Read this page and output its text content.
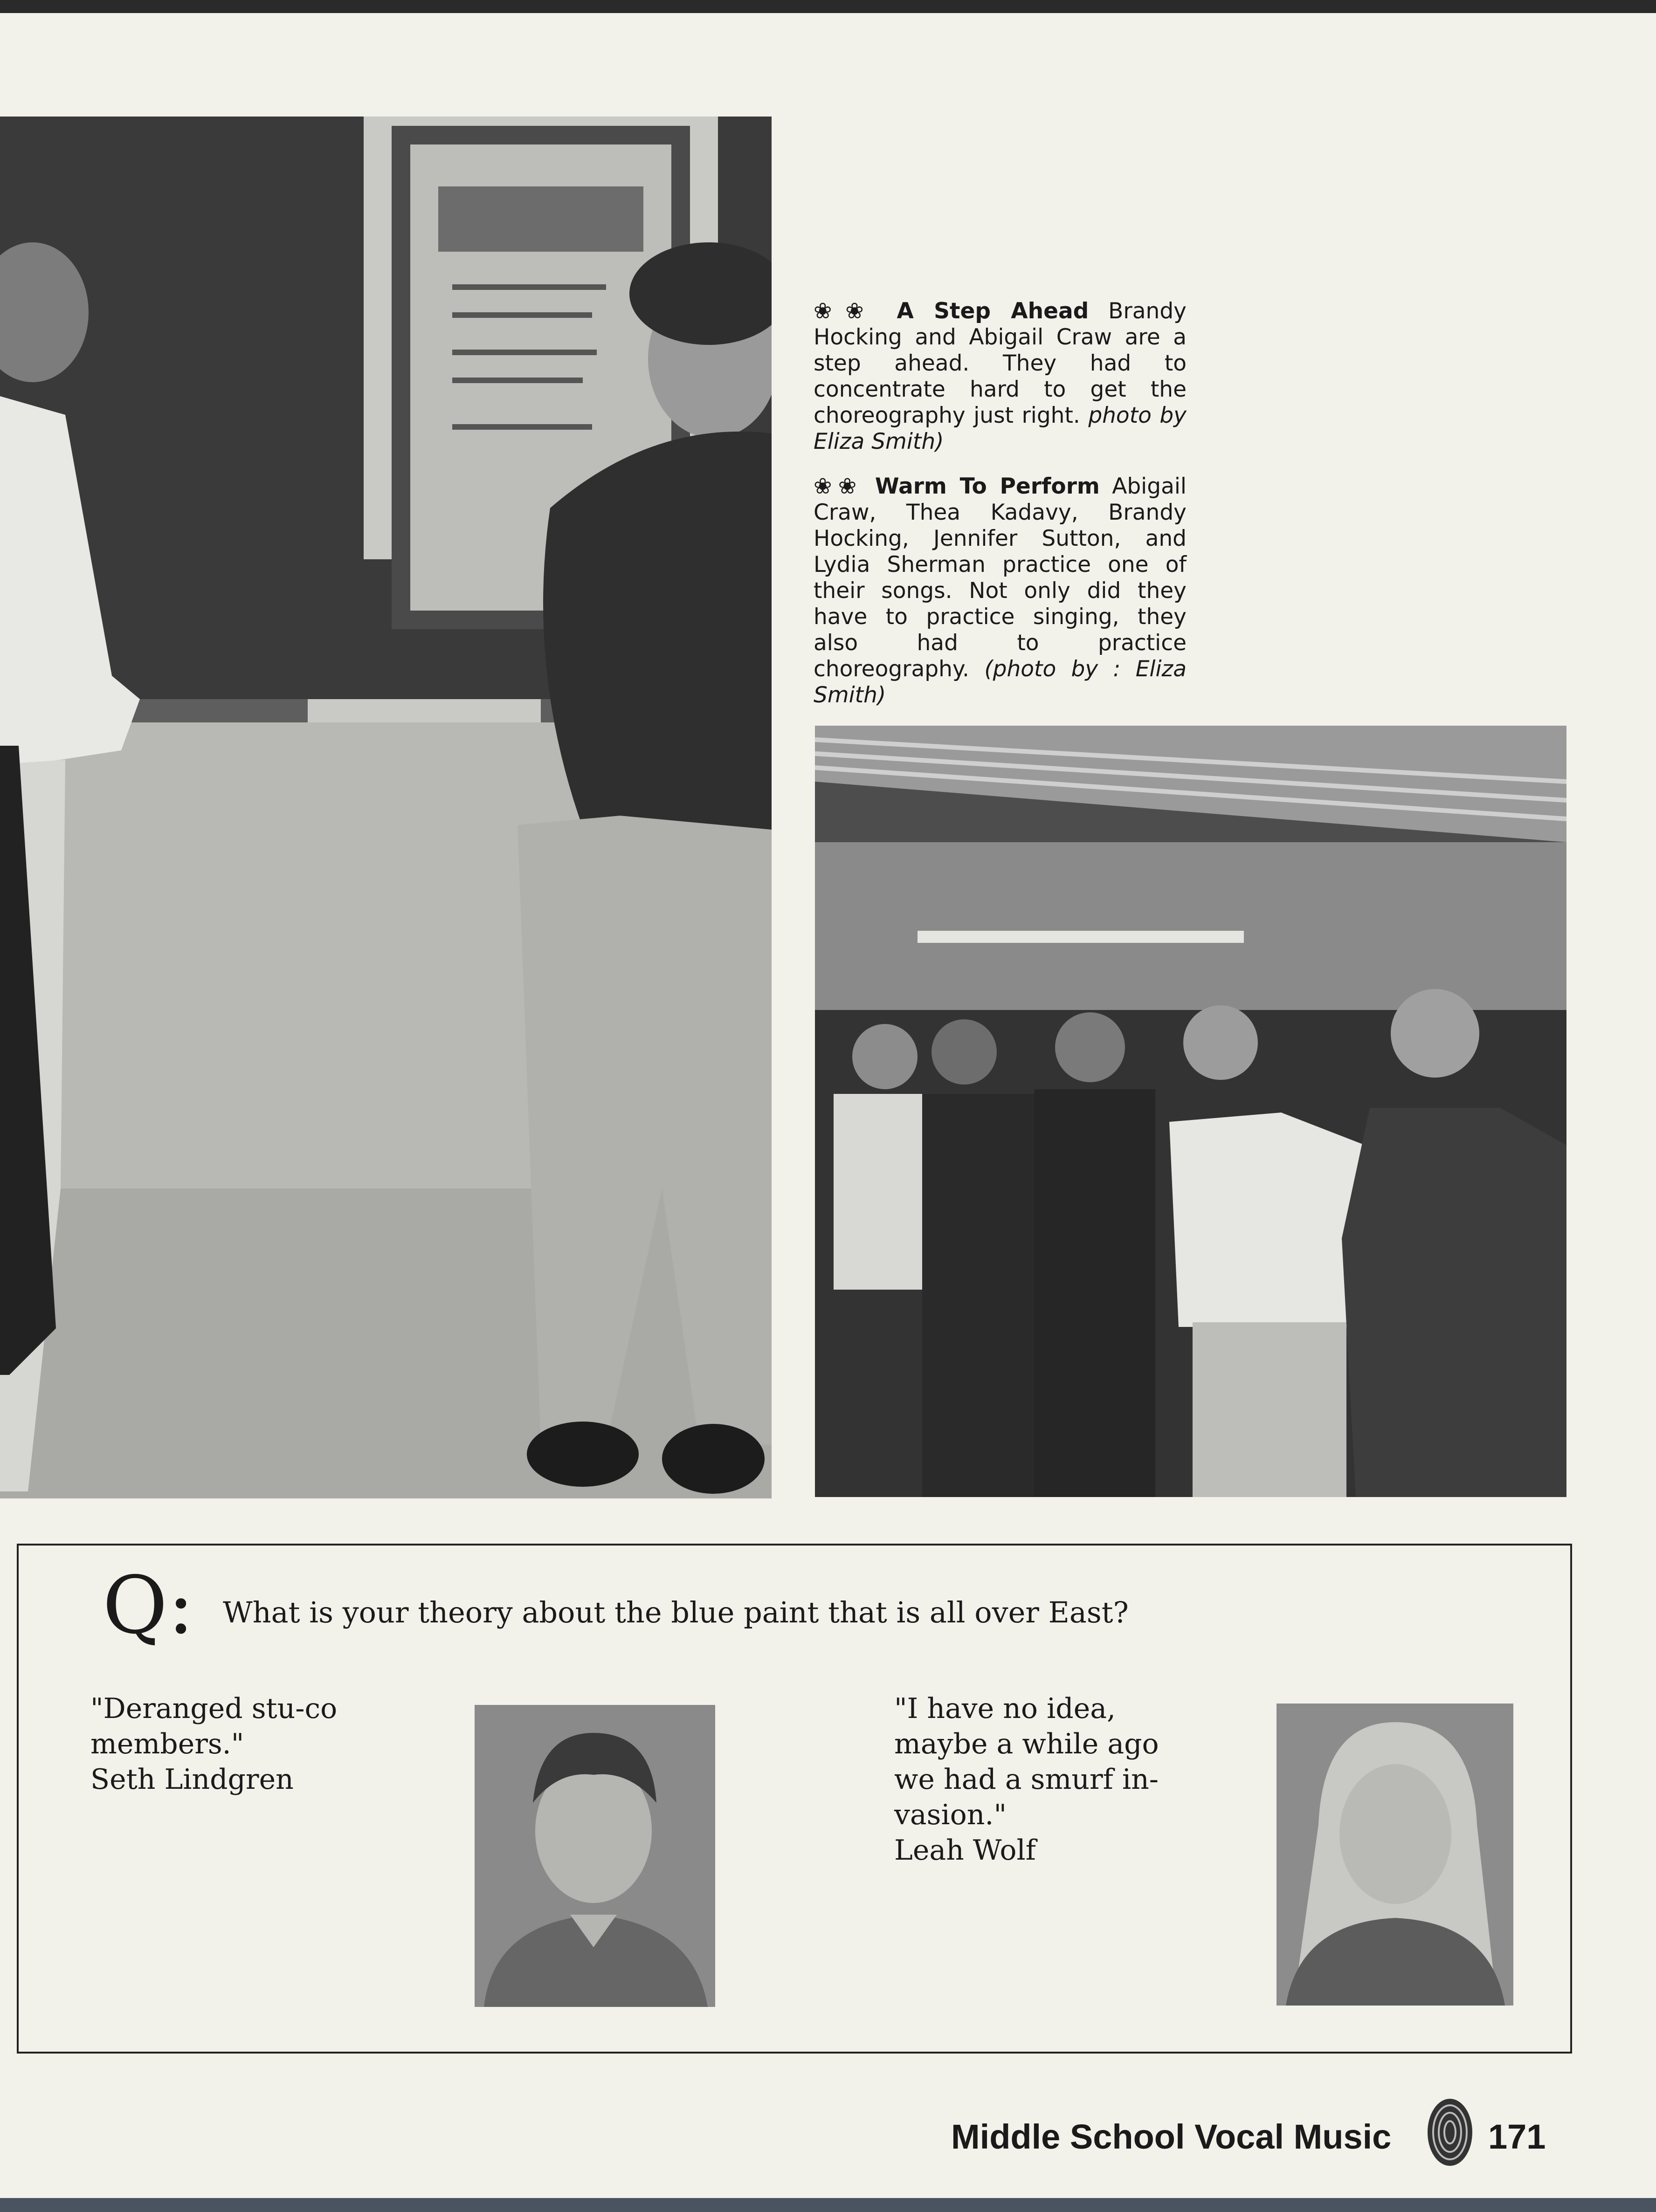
❀❀ A Step Ahead Brandy Hocking and Abigail Craw are a step ahead. They had to concentrate hard to get the choreography just right. photo by Eliza Smith)

❀❀ Warm To Perform Abigail Craw, Thea Kadavy, Brandy Hocking, Jennifer Sutton, and Lydia Sherman practice one of their songs. Not only did they have to practice singing, they also had to practice choreography. (photo by : Eliza Smith)

Q: What is your theory about the blue paint that is all over East?
"Deranged stu-co
members."
Seth Lindgren
"I have no idea,
maybe a while ago
we had a smurf in-
vasion."
Leah Wolf
Middle School Vocal Music	171
